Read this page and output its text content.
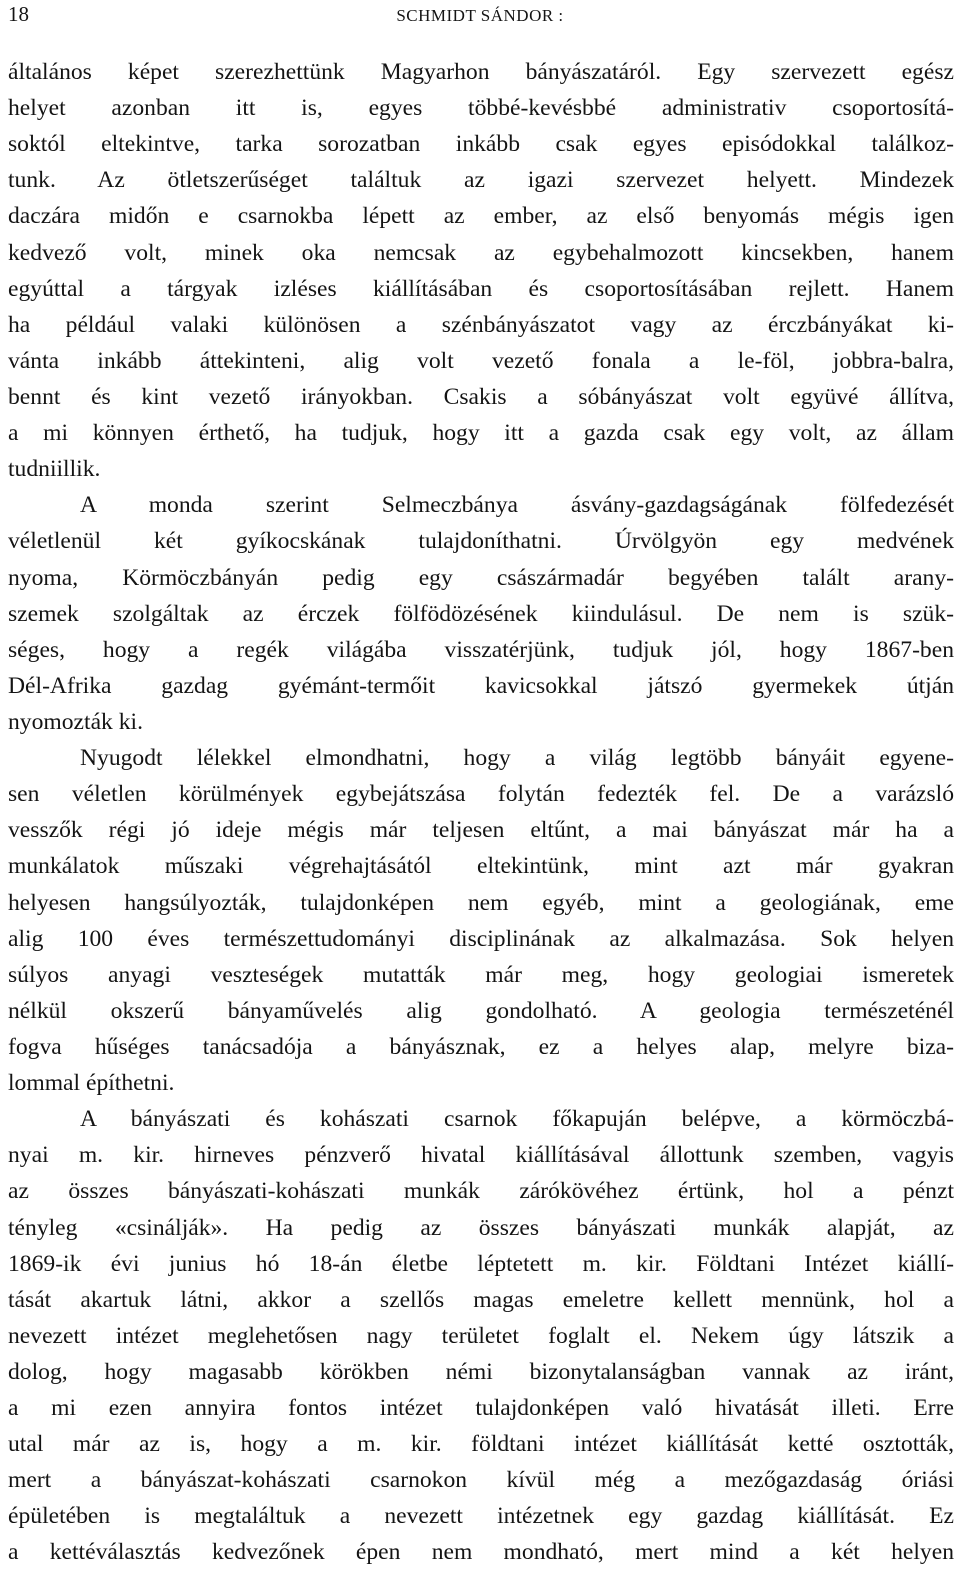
18	SCHMIDT SÁNDOR :
általános képet szerezhettünk Magyarhon bányászatáról. Egy szervezett egész
helyet azonban itt is, egyes többé-kevésbbé administrativ csoportosítá-
soktól eltekintve, tarka sorozatban inkább csak egyes episódokkal találkoz-
tunk. Az ötletszerűséget találtuk az igazi szervezet helyett. Mindezek
daczára midőn e csarnokba lépett az ember, az első benyomás mégis igen
kedvező volt, minek oka nemcsak az egybehalmozott kincsekben, hanem
egyúttal a tárgyak izléses kiállításában és csoportosításában rejlett. Hanem
ha például valaki különösen a szénbányászatot vagy az érczbányákat ki-
vánta inkább áttekinteni, alig volt vezető fonala a le-föl, jobbra-balra,
bennt és kint vezető irányokban. Csakis a sóbányászat volt együvé állítva,
a mi könnyen érthető, ha tudjuk, hogy itt a gazda csak egy volt, az állam
tudniillik.
A monda szerint Selmeczbánya ásvány-gazdagságának fölfedezését
véletlenül két gyíkocskának tulajdoníthatni. Úrvölgyön egy medvének
nyoma, Körmöczbányán pedig egy császármadár begyében talált arany-
szemek szolgáltak az érczek fölfödözésének kiindulásul. De nem is szük-
séges, hogy a regék világába visszatérjünk, tudjuk jól, hogy 1867-ben
Dél-Afrika gazdag gyémánt-termőit kavicsokkal játszó gyermekek útján
nyomozták ki.
Nyugodt lélekkel elmondhatni, hogy a világ legtöbb bányáit egyene-
sen véletlen körülmények egybejátszása folytán fedezték fel. De a varázsló
vesszők régi jó ideje mégis már teljesen eltűnt, a mai bányászat már ha a
munkálatok műszaki végrehajtásától eltekintünk, mint azt már gyakran
helyesen hangsúlyozták, tulajdonképen nem egyéb, mint a geologiának, eme
alig 100 éves természettudományi disciplinának az alkalmazása. Sok helyen
súlyos anyagi veszteségek mutatták már meg, hogy geologiai ismeretek
nélkül okszerű bányaművelés alig gondolható. A geologia természeténél
fogva hűséges tanácsadója a bányásznak, ez a helyes alap, melyre biza-
lommal építhetni.
A bányászati és kohászati csarnok főkapuján belépve, a körmöczbá-
nyai m. kir. hirneves pénzverő hivatal kiállításával állottunk szemben, vagyis
az összes bányászati-kohászati munkák zárókövéhez értünk, hol a pénzt
tényleg «csinálják». Ha pedig az összes bányászati munkák alapját, az
1869-ik évi junius hó 18-án életbe léptetett m. kir. Földtani Intézet kiállí-
tását akartuk látni, akkor a szellős magas emeletre kellett mennünk, hol a
nevezett intézet meglehetősen nagy területet foglalt el. Nekem úgy látszik a
dolog, hogy magasabb körökben némi bizonytalanságban vannak az iránt,
a mi ezen annyira fontos intézet tulajdonképen való hivatását illeti. Erre
utal már az is, hogy a m. kir. földtani intézet kiállítását ketté osztották,
mert a bányászat-kohászati csarnokon kívül még a mezőgazdaság óriási
épületében is megtaláltuk a nevezett intézetnek egy gazdag kiállítását. Ez
a kettéválasztás kedvezőnek épen nem mondható, mert mind a két helyen
